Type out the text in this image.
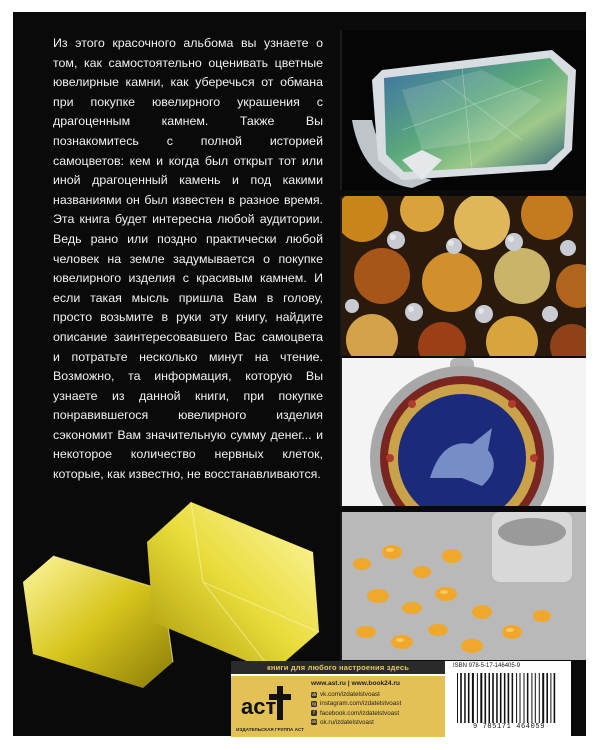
Из этого красочного альбома вы узнаете о том, как самостоятельно оценивать цветные ювелирные камни, как уберечься от обмана при покупке ювелирного украшения с драгоценным камнем. Также Вы познакомитесь с полной историей самоцветов: кем и когда был открыт тот или иной драгоценный камень и под какими названиями он был известен в разное время. Эта книга будет интересна любой аудитории. Ведь рано или поздно практически любой человек на земле задумывается о покупке ювелирного изделия с красивым камнем. И если такая мысль пришла Вам в голову, просто возьмите в руки эту книгу, найдите описание заинтересовавшего Вас самоцвета и потратьте несколько минут на чтение. Возможно, та информация, которую Вы узнаете из данной книги, при покупке понравившегося ювелирного изделия сэкономит Вам значительную сумму денег... и некоторое количество нервных клеток, которые, как известно, не восстанавливаются.
книги для любого настроения здесь
аст
ИЗДАТЕЛЬСКАЯ ГРУППА АСТ
www.ast.ru | www.book24.ru
vk vk.com/izdatelstvoast
ig instagram.com/izdatelstvoast
f facebook.com/izdatelstvoast
ok ok.ru/izdatelstvoast
ISBN 978-5-17-146405-9
9 785171 464059
